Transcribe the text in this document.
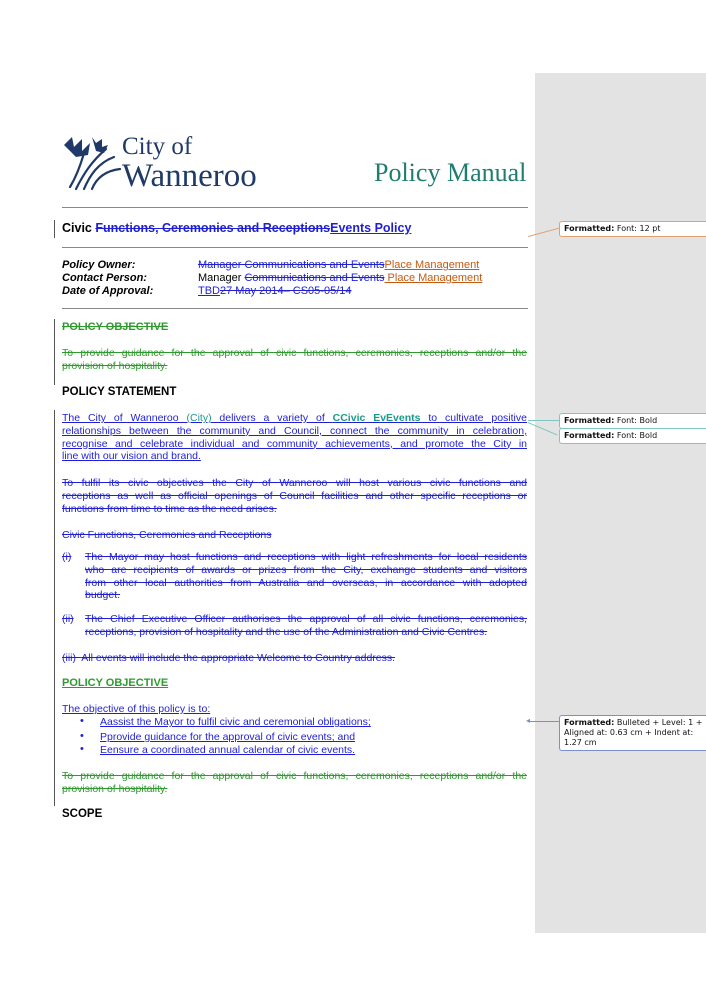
City of
Wanneroo	Policy Manual
Civic Functions, Ceremonies and ReceptionsEvents Policy
Policy Owner:	Manager Communications and EventsPlace Management
Contact Person:	Manager Communications and Events Place Management
Date of Approval:	TBD27 May 2014– CS05-05/14
POLICY OBJECTIVE
To provide guidance for the approval of civic functions, ceremonies, receptions and/or the
provision of hospitality.
POLICY STATEMENT
The City of Wanneroo (City) delivers a variety of CCivic EvEvents to cultivate positive
relationships between the community and Council, connect the community in celebration,
recognise and celebrate individual and community achievements, and promote the City in
line with our vision and brand.
To fulfil its civic objectives the City of Wanneroo will host various civic functions and
receptions as well as official openings of Council facilities and other specific receptions or
functions from time to time as the need arises.
Civic Functions, Ceremonies and Receptions
(i) The Mayor may host functions and receptions with light refreshments for local residents
who are recipients of awards or prizes from the City, exchange students and visitors
from other local authorities from Australia and overseas, in accordance with adopted
budget.
(ii) The Chief Executive Officer authorises the approval of all civic functions, ceremonies,
receptions, provision of hospitality and the use of the Administration and Civic Centres.
(iii) All events will include the appropriate Welcome to Country address.
POLICY OBJECTIVE
The objective of this policy is to:
• Aassist the Mayor to fulfil civic and ceremonial obligations;
• Pprovide guidance for the approval of civic events; and
• Eensure a coordinated annual calendar of civic events.
To provide guidance for the approval of civic functions, ceremonies, receptions and/or the
provision of hospitality.
SCOPE
◂
Formatted: Font: 12 pt
Formatted: Font: Bold
Formatted: Font: Bold
Formatted: Bulleted + Level: 1 + Aligned at: 0.63 cm + Indent at: 1.27 cm
